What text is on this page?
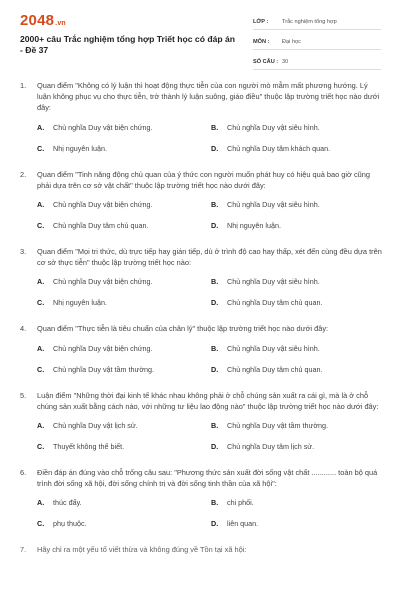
2048.vn
2000+ câu Trắc nghiệm tổng hợp Triết học có đáp án - Đề 37
LỚP :	Trắc nghiệm tổng hợp
MÔN :	Đại học
SỐ CÂU : 30
1.	Quan điểm "Không có lý luận thì hoạt động thực tiễn của con người mò mẫm mất phương hướng. Lý luận không phục vụ cho thực tiễn, trở thành lý luận suông, giáo điều" thuộc lập trường triết học nào dưới đây:
A.	Chủ nghĩa Duy vật biện chứng.	B.	Chủ nghĩa Duy vật siêu hình.
C.	Nhị nguyên luận.	D.	Chủ nghĩa Duy tâm khách quan.
2.	Quan điểm "Tinh năng động chủ quan của ý thức con người muốn phát huy có hiệu quả bao giờ cũng phải dựa trên cơ sở vật chất" thuộc lập trường triết học nào dưới đây:
A.	Chủ nghĩa Duy vật biện chứng.	B.	Chủ nghĩa Duy vật siêu hình.
C.	Chủ nghĩa Duy tâm chủ quan.	D.	Nhị nguyên luận.
3.	Quan điểm "Mọi tri thức, dù trực tiếp hay gián tiếp, dù ở trình độ cao hay thấp, xét đến cùng đều dựa trên cơ sở thực tiễn" thuộc lập trường triết học nào:
A.	Chủ nghĩa Duy vật biện chứng.	B.	Chủ nghĩa Duy vật siêu hình.
C.	Nhị nguyên luận.	D.	Chủ nghĩa Duy tâm chủ quan.
4.	Quan điểm "Thực tiễn là tiêu chuẩn của chân lý" thuộc lập trường triết học nào dưới đây:
A.	Chủ nghĩa Duy vật biện chứng.	B.	Chủ nghĩa Duy vật siêu hình.
C.	Chủ nghĩa Duy vật tầm thường.	D.	Chủ nghĩa Duy tâm chủ quan.
5.	Luận điểm "Những thời đại kinh tế khác nhau không phải ở chỗ chúng sản xuất ra cái gì, mà là ở chỗ chúng sản xuất bằng cách nào, với những tư liệu lao động nào" thuộc lập trường triết học nào dưới đây:
A.	Chủ nghĩa Duy vật lịch sử.	B.	Chủ nghĩa Duy vật tầm thường.
C.	Thuyết không thể biết.	D.	Chủ nghĩa Duy tâm lịch sử.
6.	Điền đáp án đúng vào chỗ trống câu sau: "Phương thức sản xuất đời sống vật chất ............ toàn bộ quá trình đời sống xã hội, đời sống chính trị và đời sống tinh thần của xã hội":
A.	thúc đẩy.	B.	chi phối.
C.	phụ thuộc.	D.	liên quan.
7.	Hãy chỉ ra một yếu tố viết thừa và không đúng về Tồn tại xã hội:
